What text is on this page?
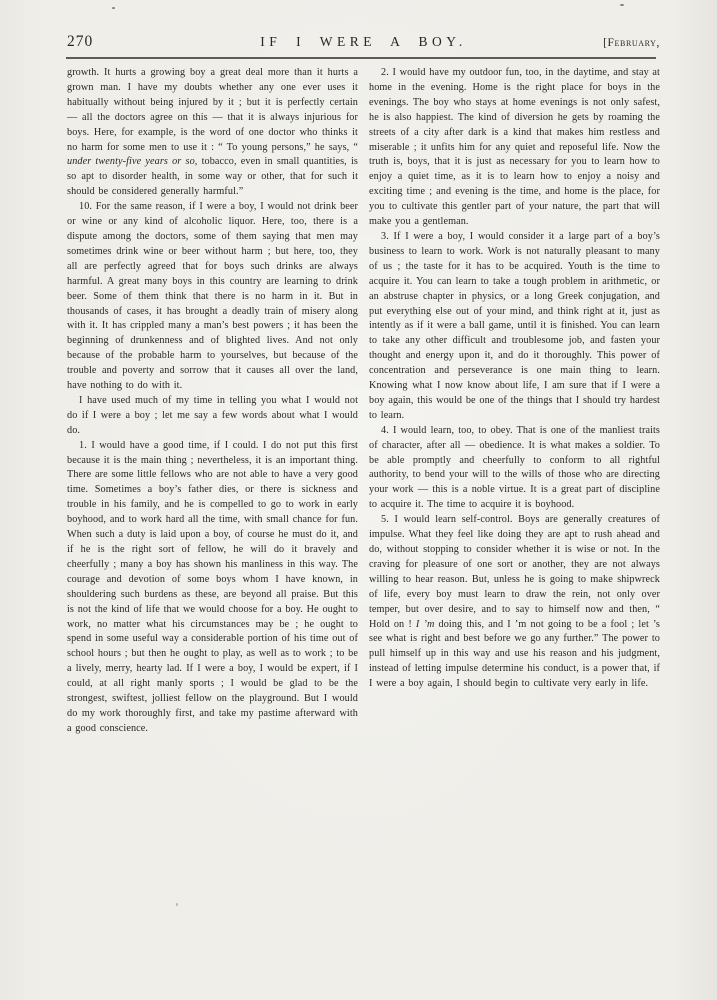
270	IF I WERE A BOY.	[February,

growth. It hurts a growing boy a great deal more than it hurts a grown man. I have my doubts whether any one ever uses it habitually without being injured by it ; but it is perfectly certain — all the doctors agree on this — that it is always injurious for boys. Here, for example, is the word of one doctor who thinks it no harm for some men to use it : “ To young persons,” he says, “ under twenty-five years or so, tobacco, even in small quantities, is so apt to disorder health, in some way or other, that for such it should be considered generally harmful.”

10. For the same reason, if I were a boy, I would not drink beer or wine or any kind of alcoholic liquor. Here, too, there is a dispute among the doctors, some of them saying that men may sometimes drink wine or beer without harm ; but here, too, they all are perfectly agreed that for boys such drinks are always harmful. A great many boys in this country are learning to drink beer. Some of them think that there is no harm in it. But in thousands of cases, it has brought a deadly train of misery along with it. It has crippled many a man’s best powers ; it has been the beginning of drunkenness and of blighted lives. And not only because of the probable harm to yourselves, but because of the trouble and poverty and sorrow that it causes all over the land, have nothing to do with it.

I have used much of my time in telling you what I would not do if I were a boy ; let me say a few words about what I would do.

1. I would have a good time, if I could. I do not put this first because it is the main thing ; nevertheless, it is an important thing. There are some little fellows who are not able to have a very good time. Sometimes a boy’s father dies, or there is sickness and trouble in his family, and he is compelled to go to work in early boyhood, and to work hard all the time, with small chance for fun. When such a duty is laid upon a boy, of course he must do it, and if he is the right sort of fellow, he will do it bravely and cheerfully ; many a boy has shown his manliness in this way. The courage and devotion of some boys whom I have known, in shouldering such burdens as these, are beyond all praise. But this is not the kind of life that we would choose for a boy. He ought to work, no matter what his circumstances may be ; he ought to spend in some useful way a considerable portion of his time out of school hours ; but then he ought to play, as well as to work ; to be a lively, merry, hearty lad. If I were a boy, I would be expert, if I could, at all right manly sports ; I would be glad to be the strongest, swiftest, jolliest fellow on the playground. But I would do my work thoroughly first, and take my pastime afterward with a good conscience.

2. I would have my outdoor fun, too, in the daytime, and stay at home in the evening. Home is the right place for boys in the evenings. The boy who stays at home evenings is not only safest, he is also happiest. The kind of diversion he gets by roaming the streets of a city after dark is a kind that makes him restless and miserable ; it unfits him for any quiet and reposeful life. Now the truth is, boys, that it is just as necessary for you to learn how to enjoy a quiet time, as it is to learn how to enjoy a noisy and exciting time ; and evening is the time, and home is the place, for you to cultivate this gentler part of your nature, the part that will make you a gentleman.

3. If I were a boy, I would consider it a large part of a boy’s business to learn to work. Work is not naturally pleasant to many of us ; the taste for it has to be acquired. Youth is the time to acquire it. You can learn to take a tough problem in arithmetic, or an abstruse chapter in physics, or a long Greek conjugation, and put everything else out of your mind, and think right at it, just as intently as if it were a ball game, until it is finished. You can learn to take any other difficult and troublesome job, and fasten your thought and energy upon it, and do it thoroughly. This power of concentration and perseverance is one main thing to learn. Knowing what I now know about life, I am sure that if I were a boy again, this would be one of the things that I should try hardest to learn.

4. I would learn, too, to obey. That is one of the manliest traits of character, after all — obedience. It is what makes a soldier. To be able promptly and cheerfully to conform to all rightful authority, to bend your will to the wills of those who are directing your work — this is a noble virtue. It is a great part of discipline to acquire it. The time to acquire it is boyhood.

5. I would learn self-control. Boys are generally creatures of impulse. What they feel like doing they are apt to rush ahead and do, without stopping to consider whether it is wise or not. In the craving for pleasure of one sort or another, they are not always willing to hear reason. But, unless he is going to make shipwreck of life, every boy must learn to draw the rein, not only over temper, but over desire, and to say to himself now and then, “ Hold on ! I ’m doing this, and I ’m not going to be a fool ; let ’s see what is right and best before we go any further.” The power to pull himself up in this way and use his reason and his judgment, instead of letting impulse determine his conduct, is a power that, if I were a boy again, I should begin to cultivate very early in life.
